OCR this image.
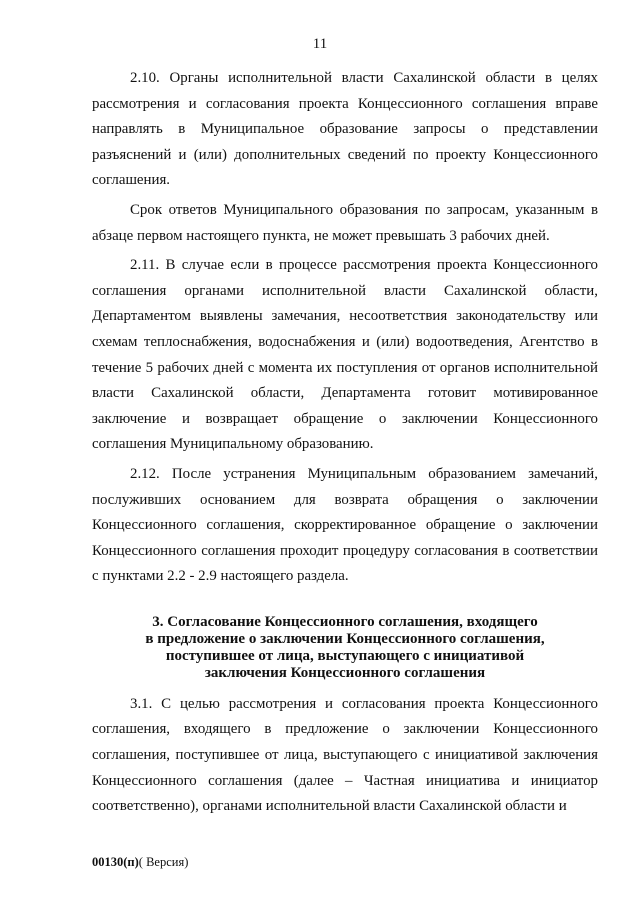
11

2.10. Органы исполнительной власти Сахалинской области в целях рассмотрения и согласования проекта Концессионного соглашения вправе направлять в Муниципальное образование запросы о представлении разъяснений и (или) дополнительных сведений по проекту Концессионного соглашения.

Срок ответов Муниципального образования по запросам, указанным в абзаце первом настоящего пункта, не может превышать 3 рабочих дней.

2.11. В случае если в процессе рассмотрения проекта Концессионного соглашения органами исполнительной власти Сахалинской области, Департаментом выявлены замечания, несоответствия законодательству или схемам теплоснабжения, водоснабжения и (или) водоотведения, Агентство в течение 5 рабочих дней с момента их поступления от органов исполнительной власти Сахалинской области, Департамента готовит мотивированное заключение и возвращает обращение о заключении Концессионного соглашения Муниципальному образованию.

2.12. После устранения Муниципальным образованием замечаний, послуживших основанием для возврата обращения о заключении Концессионного соглашения, скорректированное обращение о заключении Концессионного соглашения проходит процедуру согласования в соответствии с пунктами 2.2 - 2.9 настоящего раздела.

3. Согласование Концессионного соглашения, входящего
в предложение о заключении Концессионного соглашения,
поступившее от лица, выступающего с инициативой
заключения Концессионного соглашения

3.1. С целью рассмотрения и согласования проекта Концессионного соглашения, входящего в предложение о заключении Концессионного соглашения, поступившее от лица, выступающего с инициативой заключения Концессионного соглашения (далее – Частная инициатива и инициатор соответственно), органами исполнительной власти Сахалинской области и

00130(п)( Версия)
